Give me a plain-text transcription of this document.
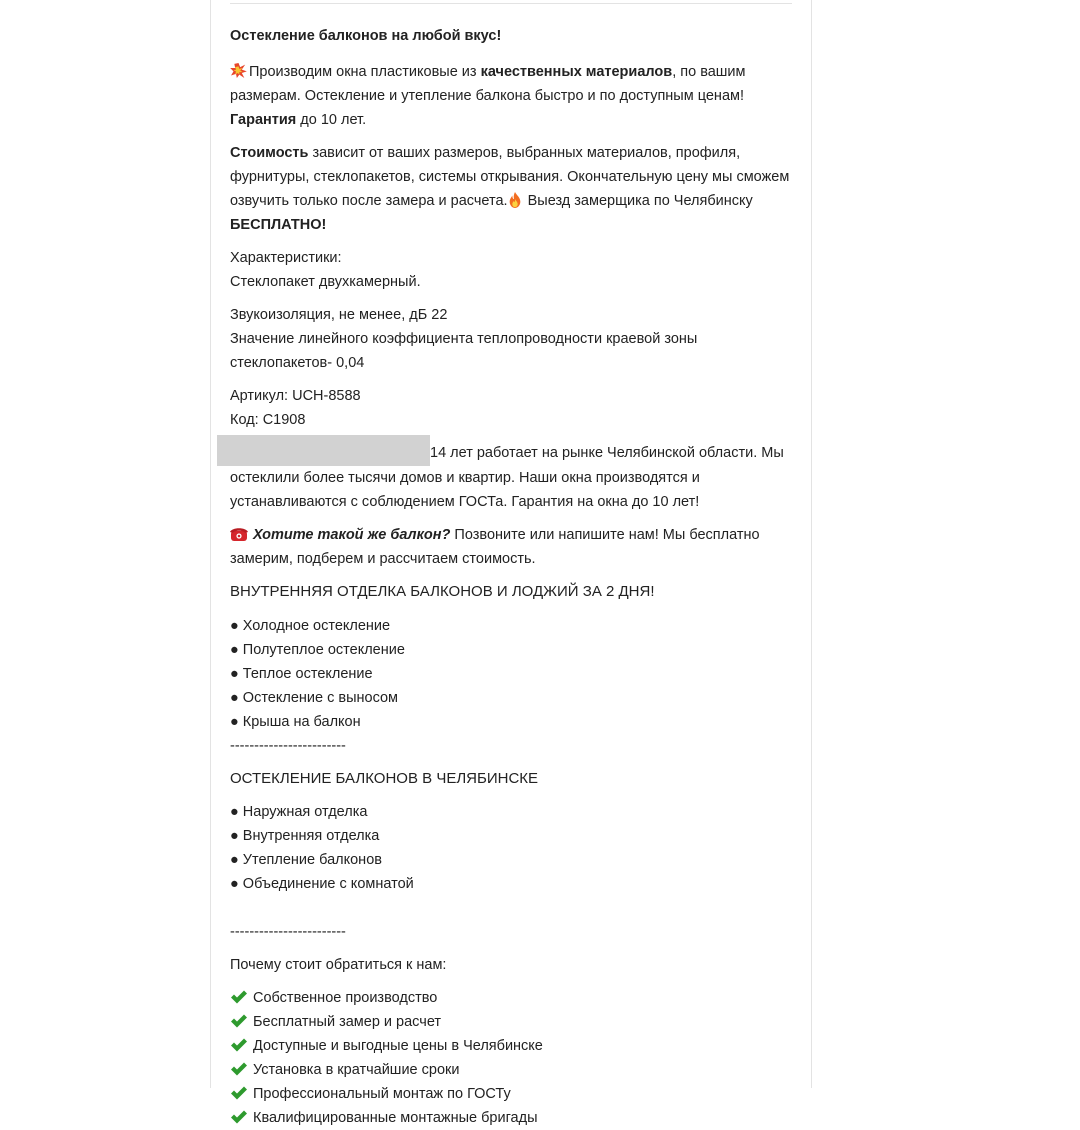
Остекление балконов на любой вкус!

Производим окна пластиковые из качественных материалов, по вашим размерам. Остекление и утепление балкона быстро и по доступным ценам! Гарантия до 10 лет.

Стоимость зависит от ваших размеров, выбранных материалов, профиля, фурнитуры, стеклопакетов, системы открывания. Окончательную цену мы сможем озвучить только после замера и расчета. Выезд замерщика по Челябинску БЕСПЛАТНО!

Характеристики:
Стеклопакет двухкамерный.

Звукоизоляция, не менее, дБ 22
Значение линейного коэффициента теплопроводности краевой зоны стеклопакетов- 0,04

Артикул: UCH-8588
Код: С1908

14 лет работает на рынке Челябинской области. Мы остеклили более тысячи домов и квартир. Наши окна производятся и устанавливаются с соблюдением ГОСТа. Гарантия на окна до 10 лет!

Хотите такой же балкон? Позвоните или напишите нам! Мы бесплатно замерим, подберем и рассчитаем стоимость.

ВНУТРЕННЯЯ ОТДЕЛКА БАЛКОНОВ И ЛОДЖИЙ ЗА 2 ДНЯ!

● Холодное остекление
● Полутеплое остекление
● Теплое остекление
● Остекление с выносом
● Крыша на балкон

------------------------

ОСТЕКЛЕНИЕ БАЛКОНОВ В ЧЕЛЯБИНСКЕ

● Наружная отделка
● Внутренняя отделка
● Утепление балконов
● Объединение с комнатой

------------------------

Почему стоит обратиться к нам:

Собственное производство
Бесплатный замер и расчет
Доступные и выгодные цены в Челябинске
Установка в кратчайшие сроки
Профессиональный монтаж по ГОСТу
Квалифицированные монтажные бригады
